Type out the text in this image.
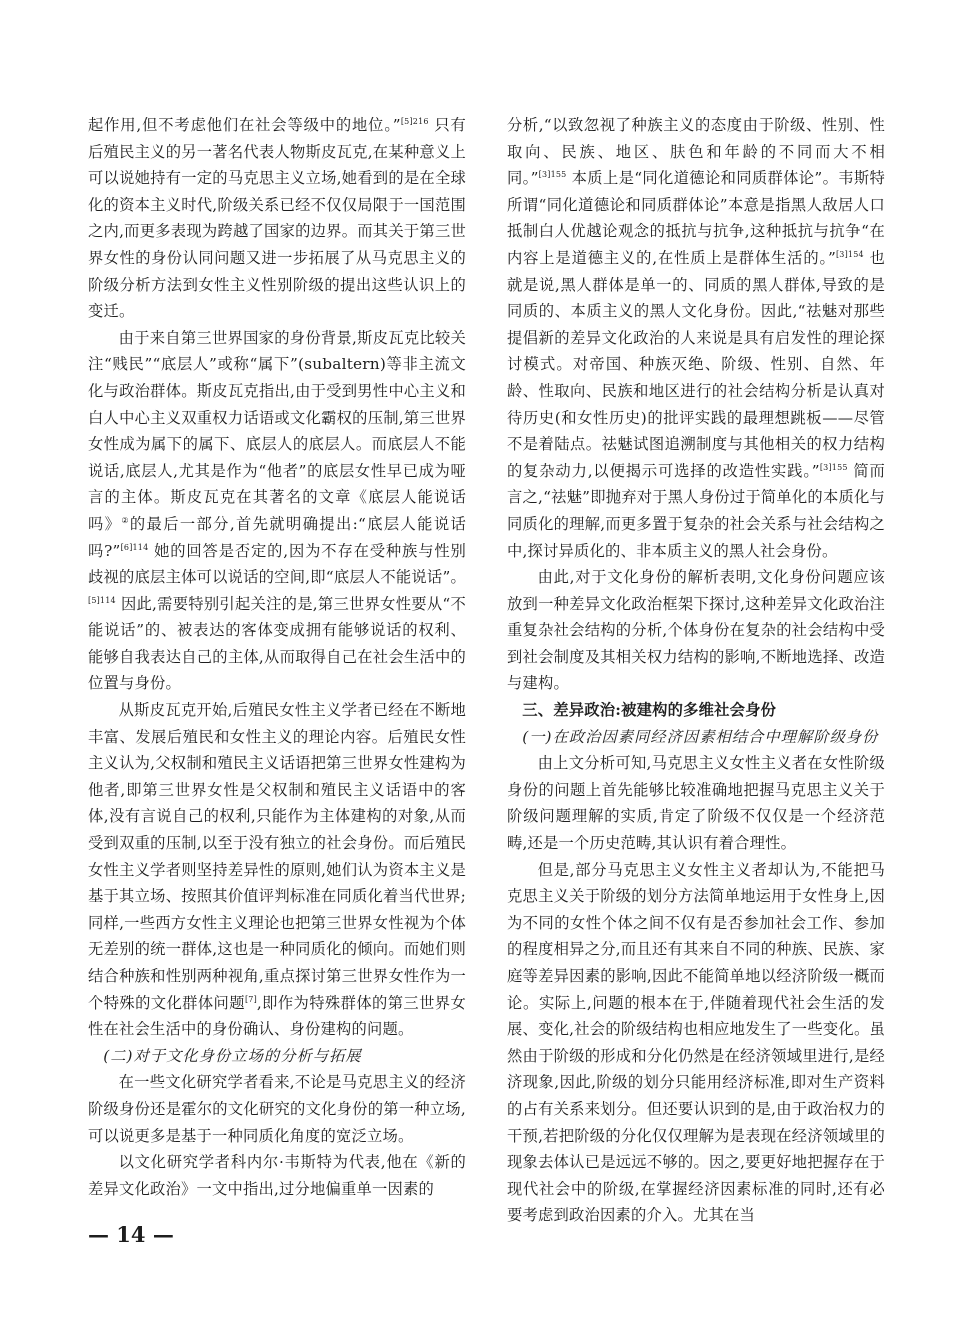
起作用,但不考虑他们在社会等级中的地位。”$^{[5]216}$ 只有后殖民主义的另一著名代表人物斯皮瓦克,在某种意义上可以说她持有一定的马克思主义立场,她看到的是在全球化的资本主义时代,阶级关系已经不仅仅局限于一国范围之内,而更多表现为跨越了国家的边界。而其关于第三世界女性的身份认同问题又进一步拓展了从马克思主义的阶级分析方法到女性主义性别阶级的提出这些认识上的变迁。

由于来自第三世界国家的身份背景,斯皮瓦克比较关注“贱民”“底层人”或称“属下”(subaltern)等非主流文化与政治群体。斯皮瓦克指出,由于受到男性中心主义和白人中心主义双重权力话语或文化霸权的压制,第三世界女性成为属下的属下、底层人的底层人。而底层人不能说话,底层人,尤其是作为“他者”的底层女性早已成为哑言的主体。斯皮瓦克在其著名的文章《底层人能说话吗》②的最后一部分,首先就明确提出:“底层人能说话吗?”$^{[6]114}$ 她的回答是否定的,因为不存在受种族与性别歧视的底层主体可以说话的空间,即“底层人不能说话”。$^{[5]114}$ 因此,需要特别引起关注的是,第三世界女性要从“不能说话”的、被表达的客体变成拥有能够说话的权利、能够自我表达自己的主体,从而取得自己在社会生活中的位置与身份。

从斯皮瓦克开始,后殖民女性主义学者已经在不断地丰富、发展后殖民和女性主义的理论内容。后殖民女性主义认为,父权制和殖民主义话语把第三世界女性建构为他者,即第三世界女性是父权制和殖民主义话语中的客体,没有言说自己的权利,只能作为主体建构的对象,从而受到双重的压制,以至于没有独立的社会身份。而后殖民女性主义学者则坚持差异性的原则,她们认为资本主义是基于其立场、按照其价值评判标准在同质化着当代世界;同样,一些西方女性主义理论也把第三世界女性视为个体无差别的统一群体,这也是一种同质化的倾向。而她们则结合种族和性别两种视角,重点探讨第三世界女性作为一个特殊的文化群体问题[7],即作为特殊群体的第三世界女性在社会生活中的身份确认、身份建构的问题。

(二)对于文化身份立场的分析与拓展

在一些文化研究学者看来,不论是马克思主义的经济阶级身份还是霍尔的文化研究的文化身份的第一种立场,可以说更多是基于一种同质化角度的宽泛立场。

以文化研究学者科内尔·韦斯特为代表,他在《新的差异文化政治》一文中指出,过分地偏重单一因素的

分析,“以致忽视了种族主义的态度由于阶级、性别、性取向、民族、地区、肤色和年龄的不同而大不相同。”$^{[3]155}$ 本质上是“同化道德论和同质群体论”。韦斯特所谓“同化道德论和同质群体论”本意是指黑人敌居人口抵制白人优越论观念的抵抗与抗争,这种抵抗与抗争“在内容上是道德主义的,在性质上是群体生活的。”$^{[3]154}$ 也就是说,黑人群体是单一的、同质的黑人群体,导致的是同质的、本质主义的黑人文化身份。因此,“祛魅对那些提倡新的差异文化政治的人来说是具有启发性的理论探讨模式。对帝国、种族灭绝、阶级、性别、自然、年龄、性取向、民族和地区进行的社会结构分析是认真对待历史(和女性历史)的批评实践的最理想跳板——尽管不是着陆点。祛魅试图追溯制度与其他相关的权力结构的复杂动力,以便揭示可选择的改造性实践。”$^{[3]155}$ 简而言之,“祛魅”即抛弃对于黑人身份过于简单化的本质化与同质化的理解,而更多置于复杂的社会关系与社会结构之中,探讨异质化的、非本质主义的黑人社会身份。

由此,对于文化身份的解析表明,文化身份问题应该放到一种差异文化政治框架下探讨,这种差异文化政治注重复杂社会结构的分析,个体身份在复杂的社会结构中受到社会制度及其相关权力结构的影响,不断地选择、改造与建构。

三、差异政治:被建构的多维社会身份

(一)在政治因素同经济因素相结合中理解阶级身份

由上文分析可知,马克思主义女性主义者在女性阶级身份的问题上首先能够比较准确地把握马克思主义关于阶级问题理解的实质,肯定了阶级不仅仅是一个经济范畴,还是一个历史范畴,其认识有着合理性。

但是,部分马克思主义女性主义者却认为,不能把马克思主义关于阶级的划分方法简单地运用于女性身上,因为不同的女性个体之间不仅有是否参加社会工作、参加的程度相异之分,而且还有其来自不同的种族、民族、家庭等差异因素的影响,因此不能简单地以经济阶级一概而论。实际上,问题的根本在于,伴随着现代社会生活的发展、变化,社会的阶级结构也相应地发生了一些变化。虽然由于阶级的形成和分化仍然是在经济领域里进行,是经济现象,因此,阶级的划分只能用经济标准,即对生产资料的占有关系来划分。但还要认识到的是,由于政治权力的干预,若把阶级的分化仅仅理解为是表现在经济领域里的现象去体认已是远远不够的。因之,要更好地把握存在于现代社会中的阶级,在掌握经济因素标准的同时,还有必要考虑到政治因素的介入。尤其在当

— 14 —
